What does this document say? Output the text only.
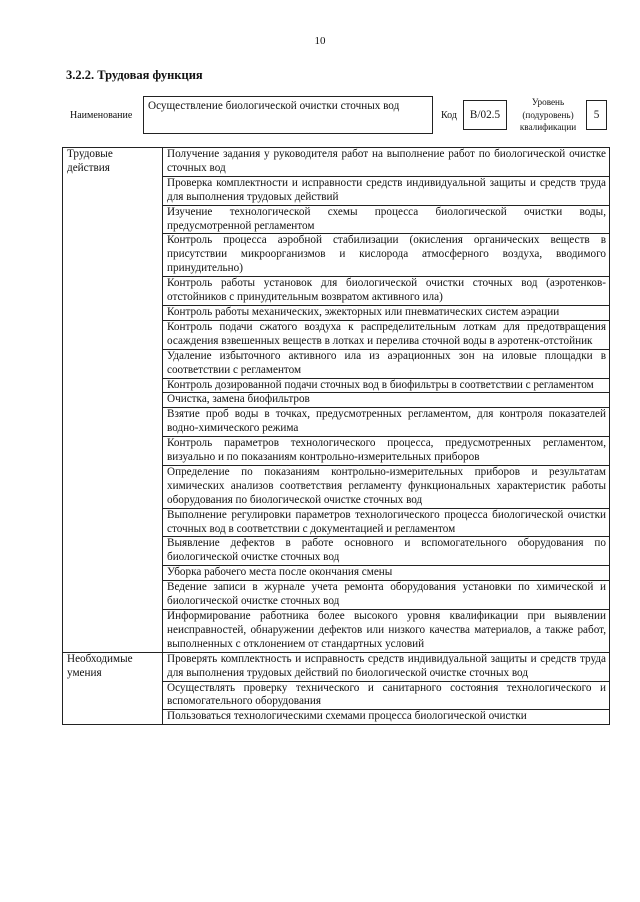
10
3.2.2. Трудовая функция
Наименование
Осуществление биологической очистки сточных вод
Код	B/02.5
Уровень
(подуровень)
квалификации
5
Трудовые
действия	Получение задания у руководителя работ на выполнение работ по биологической очистке сточных вод
	Проверка комплектности и исправности средств индивидуальной защиты и средств труда для выполнения трудовых действий
	Изучение технологической схемы процесса биологической очистки воды, предусмотренной регламентом
	Контроль процесса аэробной стабилизации (окисления органических веществ в присутствии микроорганизмов и кислорода атмосферного воздуха, вводимого принудительно)
	Контроль работы установок для биологической очистки сточных вод (аэротенков-отстойников с принудительным возвратом активного ила)
	Контроль работы механических, эжекторных или пневматических систем аэрации
	Контроль подачи сжатого воздуха к распределительным лоткам для предотвращения осаждения взвешенных веществ в лотках и перелива сточной воды в аэротенк-отстойник
	Удаление избыточного активного ила из аэрационных зон на иловые площадки в соответствии с регламентом
	Контроль дозированной подачи сточных вод в биофильтры в соответствии с регламентом
	Очистка, замена биофильтров
	Взятие проб воды в точках, предусмотренных регламентом, для контроля показателей водно-химического режима
	Контроль параметров технологического процесса, предусмотренных регламентом, визуально и по показаниям контрольно-измерительных приборов
	Определение по показаниям контрольно-измерительных приборов и результатам химических анализов соответствия регламенту функциональных характеристик работы оборудования по биологической очистке сточных вод
	Выполнение регулировки параметров технологического процесса биологической очистки сточных вод в соответствии с документацией и регламентом
	Выявление дефектов в работе основного и вспомогательного оборудования по биологической очистке сточных вод
	Уборка рабочего места после окончания смены
	Ведение записи в журнале учета ремонта оборудования установки по химической и биологической очистке сточных вод
	Информирование работника более высокого уровня квалификации при выявлении неисправностей, обнаружении дефектов или низкого качества материалов, а также работ, выполненных с отклонением от стандартных условий

Необходимые
умения	Проверять комплектность и исправность средств индивидуальной защиты и средств труда для выполнения трудовых действий по биологической очистке сточных вод
	Осуществлять проверку технического и санитарного состояния технологического и вспомогательного оборудования
	Пользоваться технологическими схемами процесса биологической очистки
